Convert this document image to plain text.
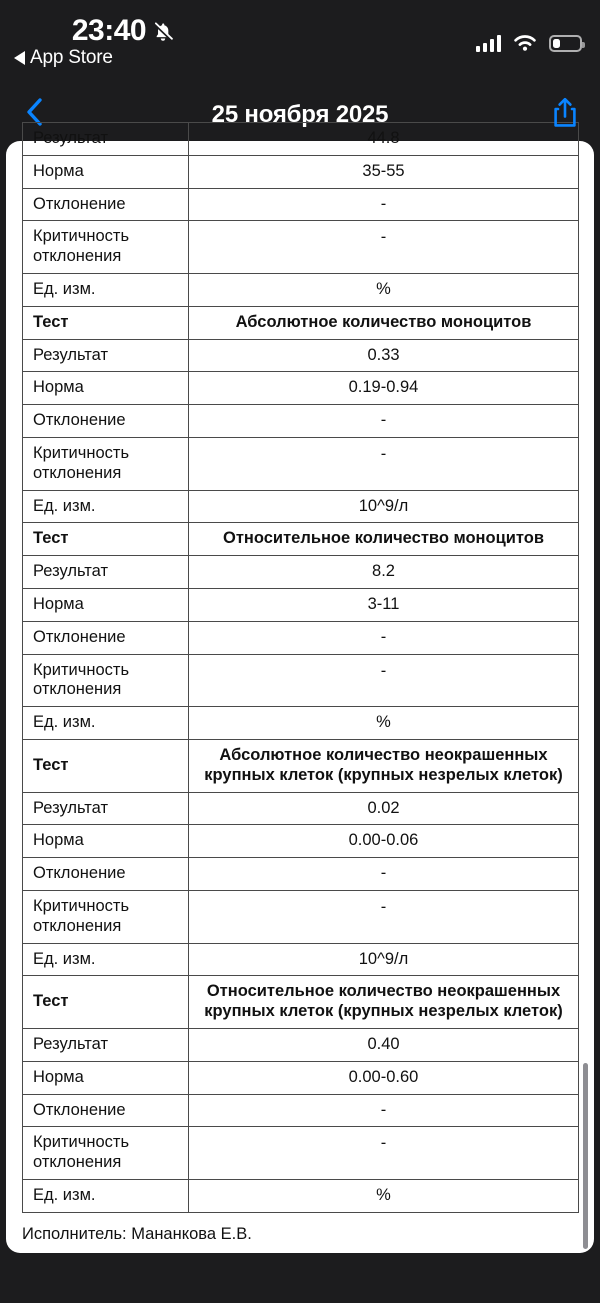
23:40
App Store
25 ноября 2025
Результат	44.8
Норма	35-55
Отклонение	-
Критичность
отклонения	-
Ед. изм.	%
Тест	Абсолютное количество моноцитов
Результат	0.33
Норма	0.19-0.94
Отклонение	-
Критичность
отклонения	-
Ед. изм.	10^9/л
Тест	Относительное количество моноцитов
Результат	8.2
Норма	3-11
Отклонение	-
Критичность
отклонения	-
Ед. изм.	%
Тест	Абсолютное количество неокрашенных
крупных клеток (крупных незрелых клеток)
Результат	0.02
Норма	0.00-0.06
Отклонение	-
Критичность
отклонения	-
Ед. изм.	10^9/л
Тест	Относительное количество неокрашенных
крупных клеток (крупных незрелых клеток)
Результат	0.40
Норма	0.00-0.60
Отклонение	-
Критичность
отклонения	-
Ед. изм.	%
Исполнитель: Мананкова Е.В.
